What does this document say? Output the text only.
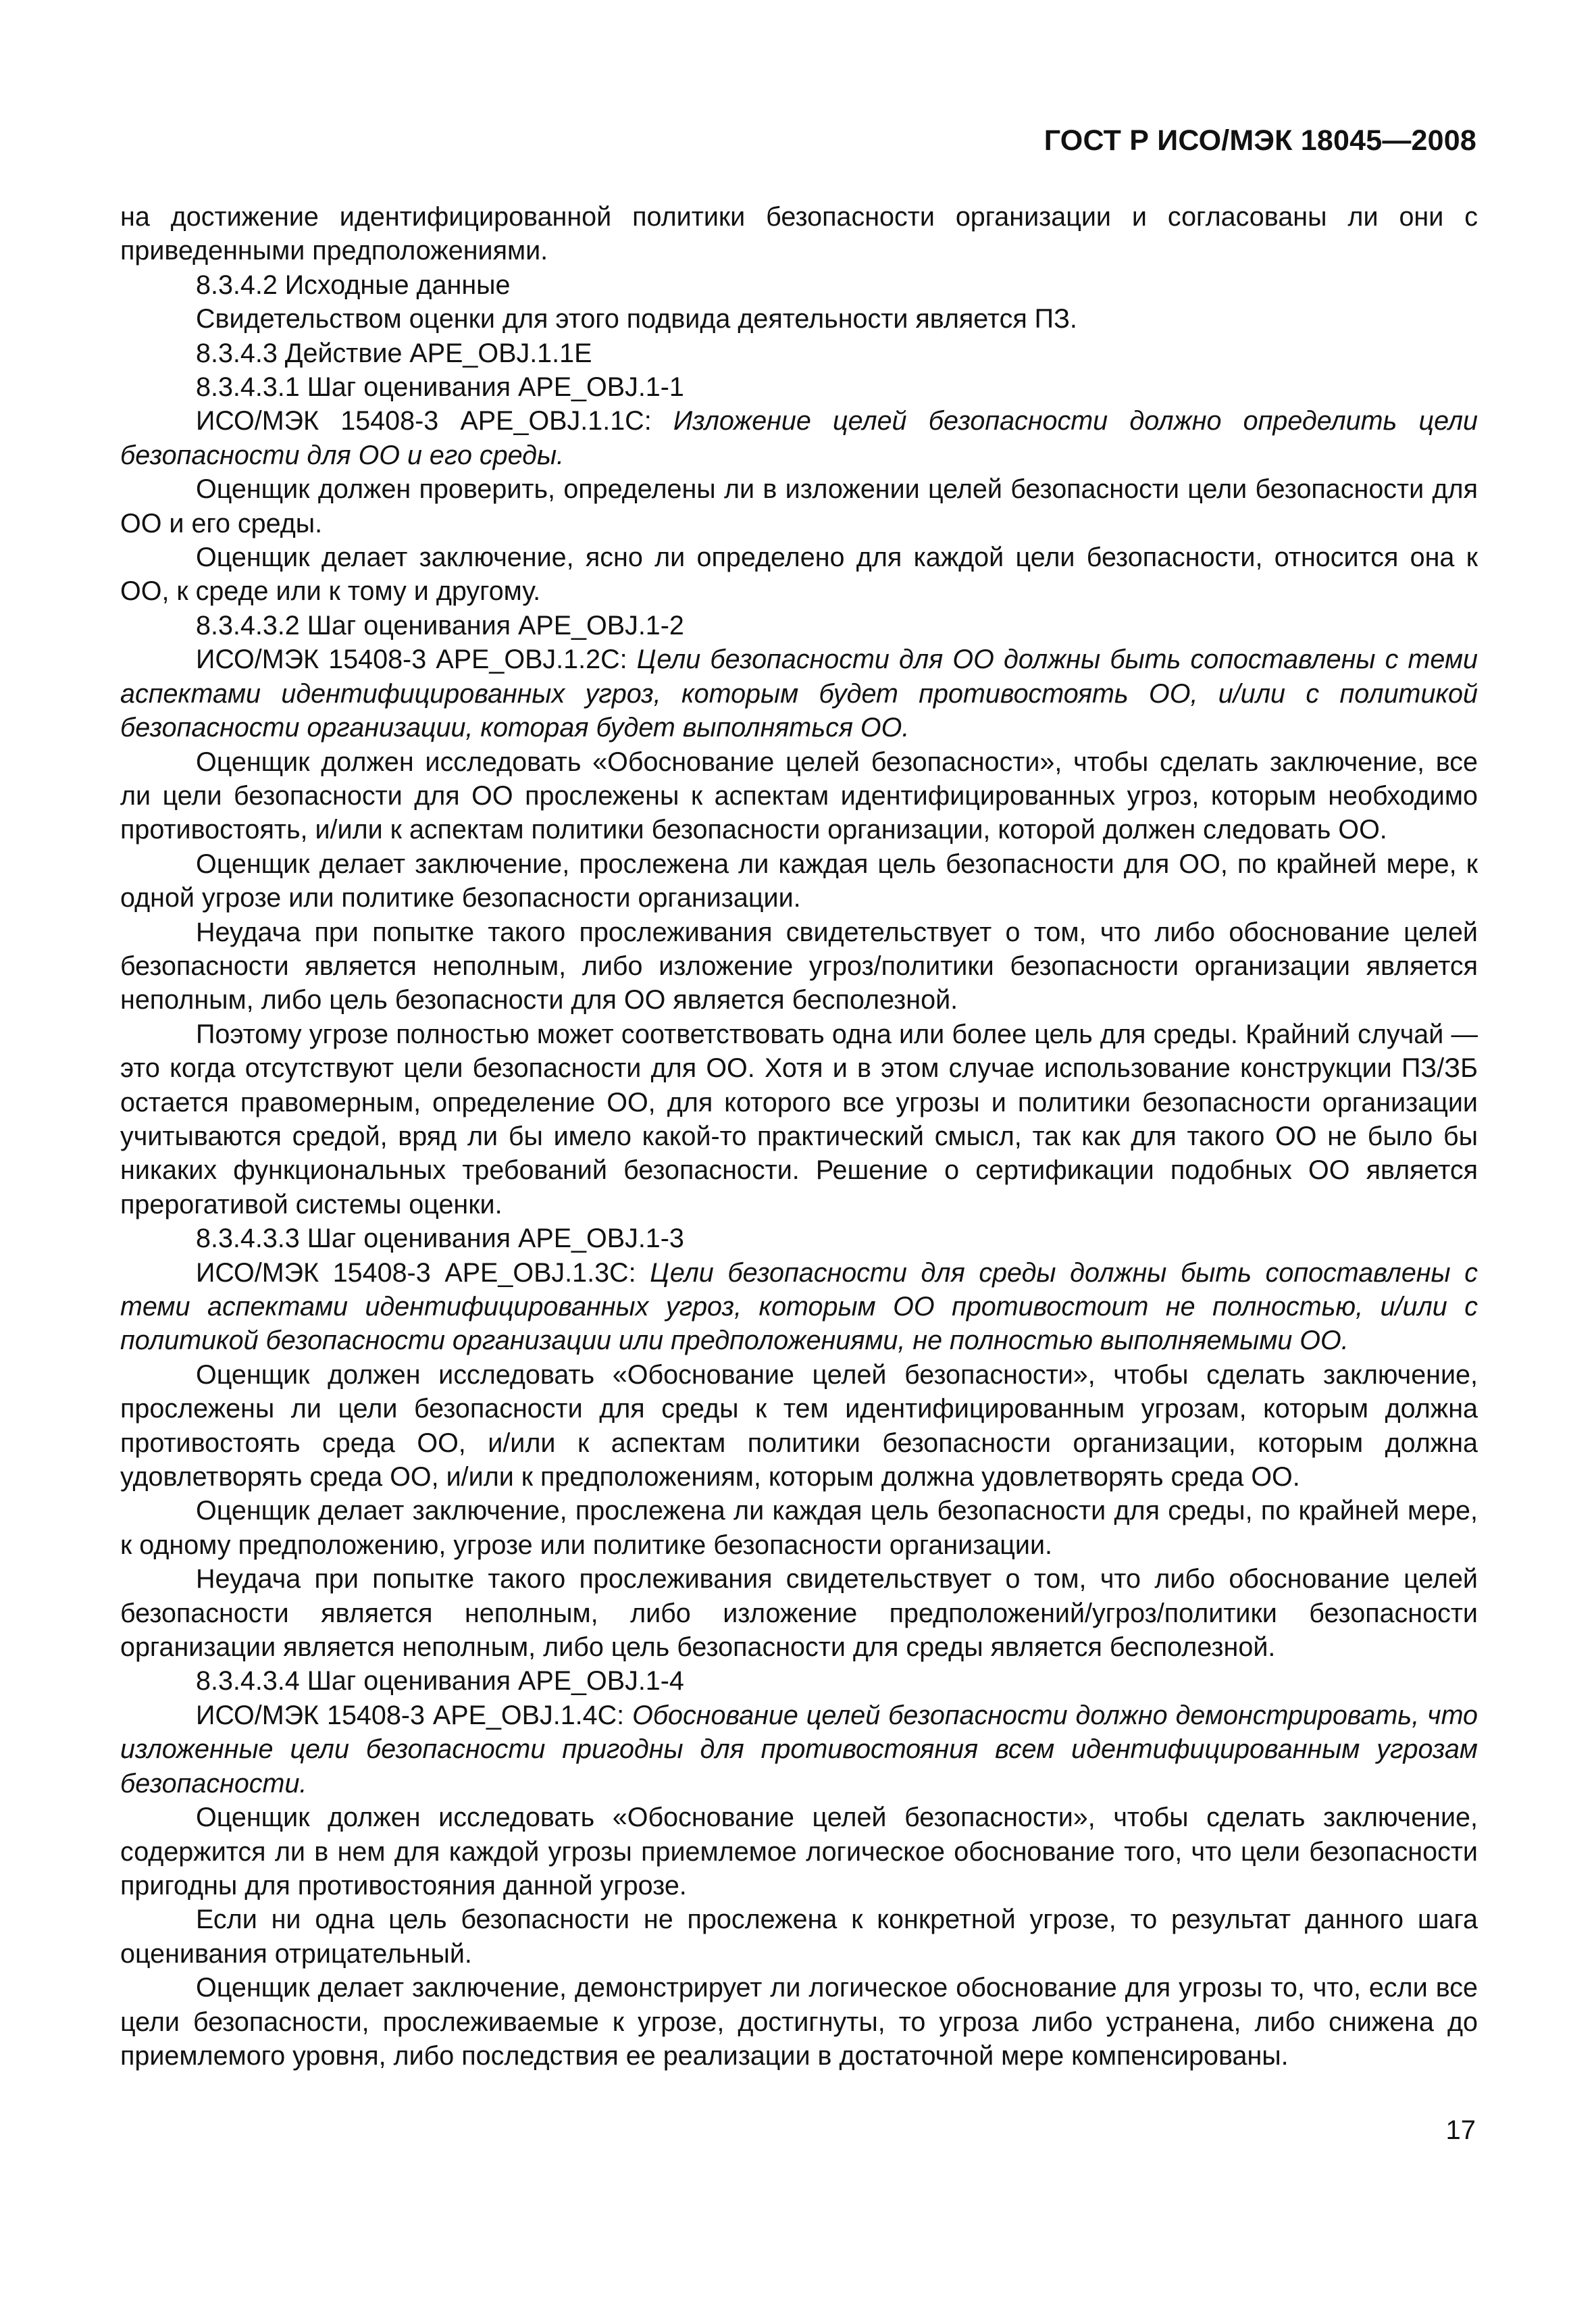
ГОСТ Р ИСО/МЭК 18045—2008

на достижение идентифицированной политики безопасности организации и согласованы ли они с приведенными предположениями.

8.3.4.2 Исходные данные

Свидетельством оценки для этого подвида деятельности является ПЗ.

8.3.4.3 Действие APE_OBJ.1.1E

8.3.4.3.1 Шаг оценивания APE_OBJ.1-1

ИСО/МЭК 15408-3 APE_OBJ.1.1C: Изложение целей безопасности должно определить цели безопасности для ОО и его среды.

Оценщик должен проверить, определены ли в изложении целей безопасности цели безопасности для ОО и его среды.

Оценщик делает заключение, ясно ли определено для каждой цели безопасности, относится она к ОО, к среде или к тому и другому.

8.3.4.3.2 Шаг оценивания APE_OBJ.1-2

ИСО/МЭК 15408-3 APE_OBJ.1.2C: Цели безопасности для ОО должны быть сопоставлены с теми аспектами идентифицированных угроз, которым будет противостоять ОО, и/или с политикой безопасности организации, которая будет выполняться ОО.

Оценщик должен исследовать «Обоснование целей безопасности», чтобы сделать заключение, все ли цели безопасности для ОО прослежены к аспектам идентифицированных угроз, которым необходимо противостоять, и/или к аспектам политики безопасности организации, которой должен следовать ОО.

Оценщик делает заключение, прослежена ли каждая цель безопасности для ОО, по крайней мере, к одной угрозе или политике безопасности организации.

Неудача при попытке такого прослеживания свидетельствует о том, что либо обоснование целей безопасности является неполным, либо изложение угроз/политики безопасности организации является неполным, либо цель безопасности для ОО является бесполезной.

Поэтому угрозе полностью может соответствовать одна или более цель для среды. Крайний случай — это когда отсутствуют цели безопасности для ОО. Хотя и в этом случае использование конструкции ПЗ/ЗБ остается правомерным, определение ОО, для которого все угрозы и политики безопасности организации учитываются средой, вряд ли бы имело какой-то практический смысл, так как для такого ОО не было бы никаких функциональных требований безопасности. Решение о сертификации подобных ОО является прерогативой системы оценки.

8.3.4.3.3 Шаг оценивания APE_OBJ.1-3

ИСО/МЭК 15408-3 APE_OBJ.1.3C: Цели безопасности для среды должны быть сопоставлены с теми аспектами идентифицированных угроз, которым ОО противостоит не полностью, и/или с политикой безопасности организации или предположениями, не полностью выполняемыми ОО.

Оценщик должен исследовать «Обоснование целей безопасности», чтобы сделать заключение, прослежены ли цели безопасности для среды к тем идентифицированным угрозам, которым должна противостоять среда ОО, и/или к аспектам политики безопасности организации, которым должна удовлетворять среда ОО, и/или к предположениям, которым должна удовлетворять среда ОО.

Оценщик делает заключение, прослежена ли каждая цель безопасности для среды, по крайней мере, к одному предположению, угрозе или политике безопасности организации.

Неудача при попытке такого прослеживания свидетельствует о том, что либо обоснование целей безопасности является неполным, либо изложение предположений/угроз/политики безопасности организации является неполным, либо цель безопасности для среды является бесполезной.

8.3.4.3.4 Шаг оценивания APE_OBJ.1-4

ИСО/МЭК 15408-3 APE_OBJ.1.4C: Обоснование целей безопасности должно демонстрировать, что изложенные цели безопасности пригодны для противостояния всем идентифицированным угрозам безопасности.

Оценщик должен исследовать «Обоснование целей безопасности», чтобы сделать заключение, содержится ли в нем для каждой угрозы приемлемое логическое обоснование того, что цели безопасности пригодны для противостояния данной угрозе.

Если ни одна цель безопасности не прослежена к конкретной угрозе, то результат данного шага оценивания отрицательный.

Оценщик делает заключение, демонстрирует ли логическое обоснование для угрозы то, что, если все цели безопасности, прослеживаемые к угрозе, достигнуты, то угроза либо устранена, либо снижена до приемлемого уровня, либо последствия ее реализации в достаточной мере компенсированы.

17
